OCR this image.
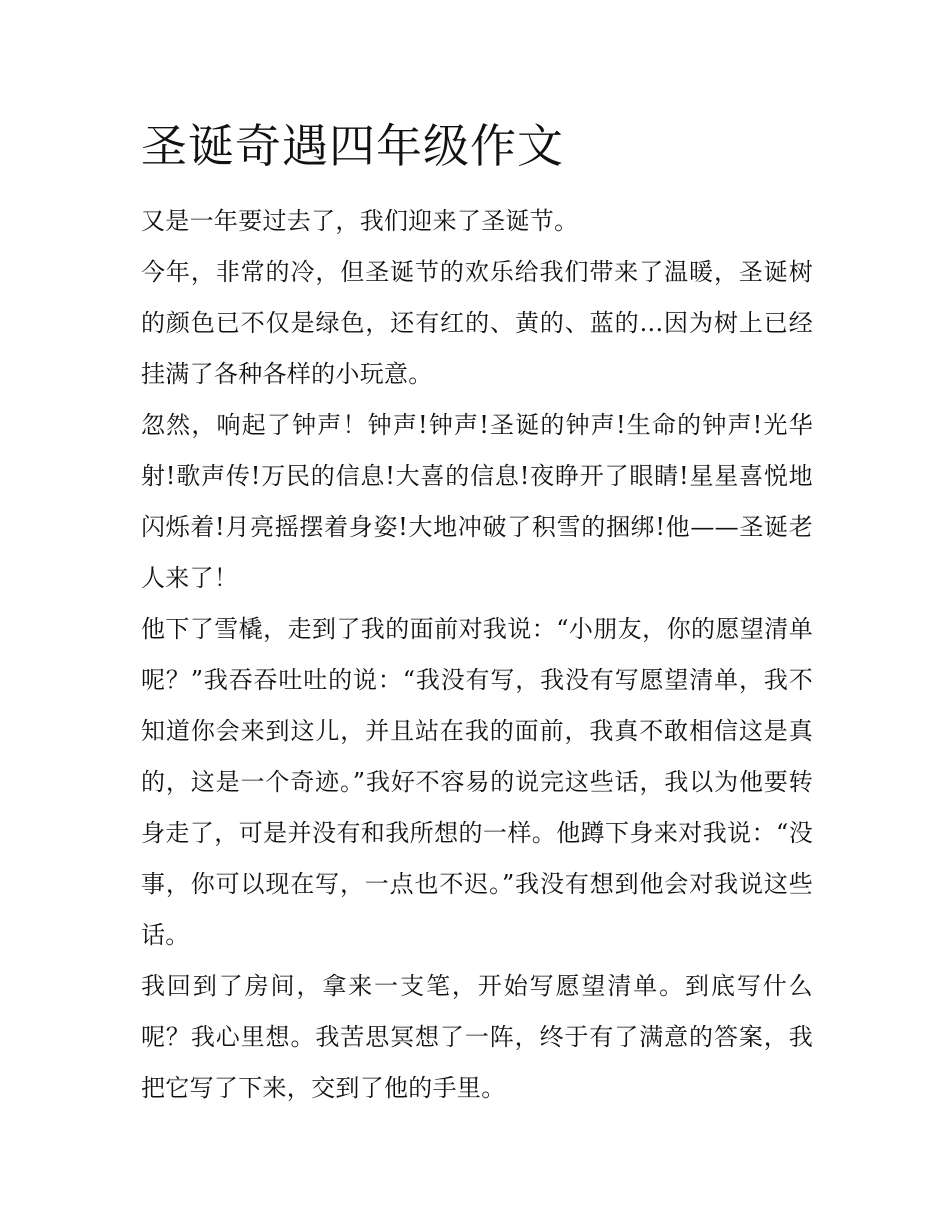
圣诞奇遇四年级作文

又是一年要过去了，我们迎来了圣诞节。

今年，非常的冷，但圣诞节的欢乐给我们带来了温暖，圣诞树的颜色已不仅是绿色，还有红的、黄的、蓝的...因为树上已经挂满了各种各样的小玩意。

忽然，响起了钟声！钟声!钟声!圣诞的钟声!生命的钟声!光华射!歌声传!万民的信息!大喜的信息!夜睁开了眼睛!星星喜悦地闪烁着!月亮摇摆着身姿!大地冲破了积雪的捆绑!他——圣诞老人来了！

他下了雪橇，走到了我的面前对我说：“小朋友，你的愿望清单呢？”我吞吞吐吐的说：“我没有写，我没有写愿望清单，我不知道你会来到这儿，并且站在我的面前，我真不敢相信这是真的，这是一个奇迹。”我好不容易的说完这些话，我以为他要转身走了，可是并没有和我所想的一样。他蹲下身来对我说：“没事，你可以现在写，一点也不迟。”我没有想到他会对我说这些话。

我回到了房间，拿来一支笔，开始写愿望清单。到底写什么呢？我心里想。我苦思冥想了一阵，终于有了满意的答案，我把它写了下来，交到了他的手里。
